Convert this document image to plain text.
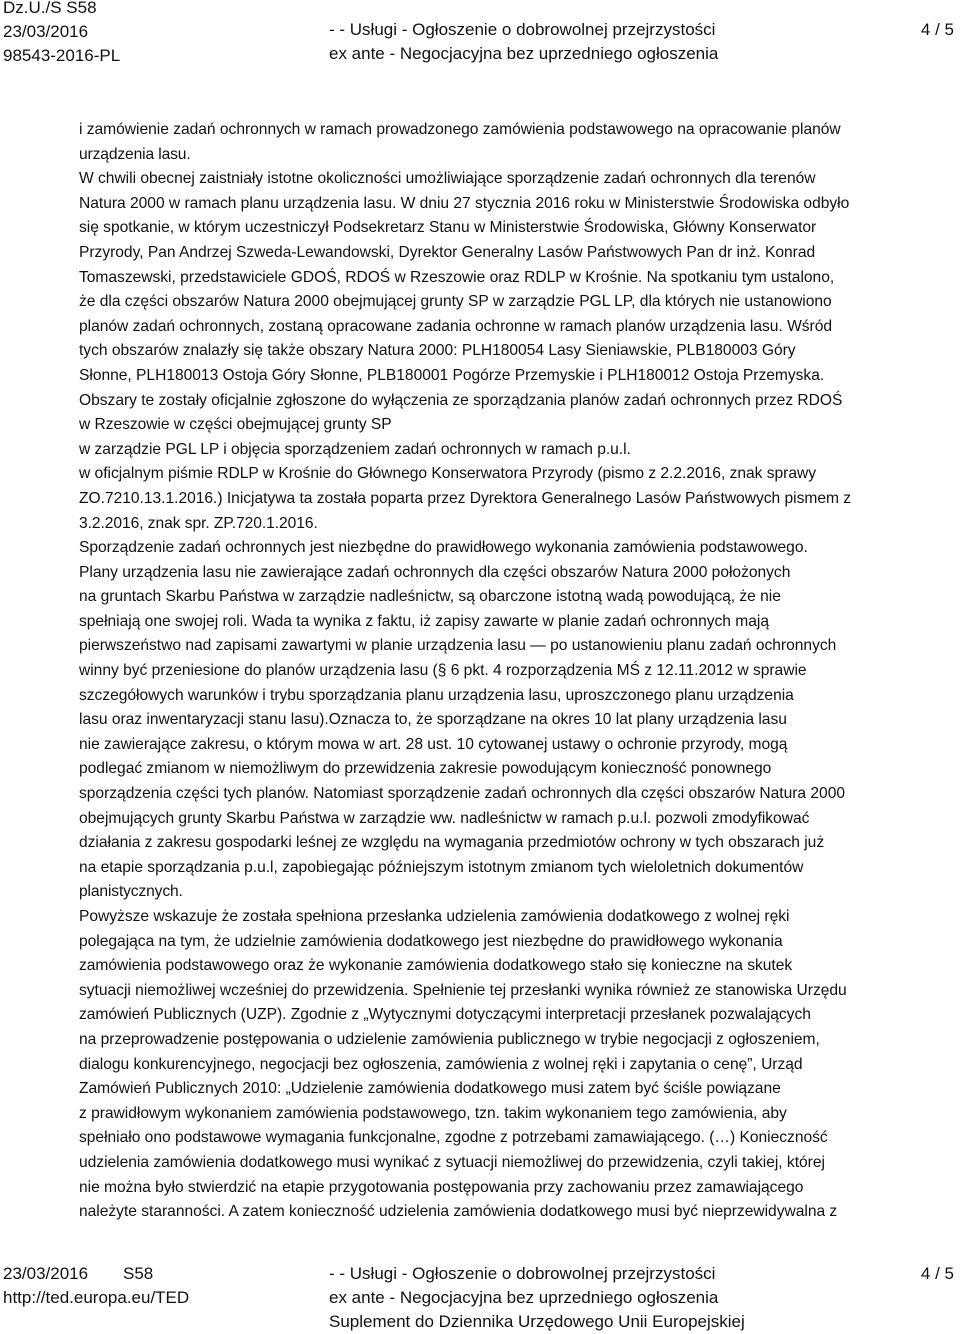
Dz.U./S S58
23/03/2016
98543-2016-PL
- - Usługi - Ogłoszenie o dobrowolnej przejrzystości
ex ante - Negocjacyjna bez uprzedniego ogłoszenia
4 / 5
i zamówienie zadań ochronnych w ramach prowadzonego zamówienia podstawowego na opracowanie planów
urządzenia lasu.
W chwili obecnej zaistniały istotne okoliczności umożliwiające sporządzenie zadań ochronnych dla terenów
Natura 2000 w ramach planu urządzenia lasu. W dniu 27 stycznia 2016 roku w Ministerstwie Środowiska odbyło
się spotkanie, w którym uczestniczył Podsekretarz Stanu w Ministerstwie Środowiska, Główny Konserwator
Przyrody, Pan Andrzej Szweda-Lewandowski, Dyrektor Generalny Lasów Państwowych Pan dr inż. Konrad
Tomaszewski, przedstawiciele GDOŚ, RDOŚ w Rzeszowie oraz RDLP w Krośnie. Na spotkaniu tym ustalono,
że dla części obszarów Natura 2000 obejmującej grunty SP w zarządzie PGL LP, dla których nie ustanowiono
planów zadań ochronnych, zostaną opracowane zadania ochronne w ramach planów urządzenia lasu. Wśród
tych obszarów znalazły się także obszary Natura 2000: PLH180054 Lasy Sieniawskie, PLB180003 Góry
Słonne, PLH180013 Ostoja Góry Słonne, PLB180001 Pogórze Przemyskie i PLH180012 Ostoja Przemyska.
Obszary te zostały oficjalnie zgłoszone do wyłączenia ze sporządzania planów zadań ochronnych przez RDOŚ
w Rzeszowie w części obejmującej grunty SP
w zarządzie PGL LP i objęcia sporządzeniem zadań ochronnych w ramach p.u.l.
w oficjalnym piśmie RDLP w Krośnie do Głównego Konserwatora Przyrody (pismo z 2.2.2016, znak sprawy
ZO.7210.13.1.2016.) Inicjatywa ta została poparta przez Dyrektora Generalnego Lasów Państwowych pismem z
3.2.2016, znak spr. ZP.720.1.2016.
Sporządzenie zadań ochronnych jest niezbędne do prawidłowego wykonania zamówienia podstawowego.
Plany urządzenia lasu nie zawierające zadań ochronnych dla części obszarów Natura 2000 położonych
na gruntach Skarbu Państwa w zarządzie nadleśnictw, są obarczone istotną wadą powodującą, że nie
spełniają one swojej roli. Wada ta wynika z faktu, iż zapisy zawarte w planie zadań ochronnych mają
pierwszeństwo nad zapisami zawartymi w planie urządzenia lasu — po ustanowieniu planu zadań ochronnych
winny być przeniesione do planów urządzenia lasu (§ 6 pkt. 4 rozporządzenia MŚ z 12.11.2012 w sprawie
szczegółowych warunków i trybu sporządzania planu urządzenia lasu, uproszczonego planu urządzenia
lasu oraz inwentaryzacji stanu lasu).Oznacza to, że sporządzane na okres 10 lat plany urządzenia lasu
nie zawierające zakresu, o którym mowa w art. 28 ust. 10 cytowanej ustawy o ochronie przyrody, mogą
podlegać zmianom w niemożliwym do przewidzenia zakresie powodującym konieczność ponownego
sporządzenia części tych planów. Natomiast sporządzenie zadań ochronnych dla części obszarów Natura 2000
obejmujących grunty Skarbu Państwa w zarządzie ww. nadleśnictw w ramach p.u.l. pozwoli zmodyfikować
działania z zakresu gospodarki leśnej ze względu na wymagania przedmiotów ochrony w tych obszarach już
na etapie sporządzania p.u.l, zapobiegając późniejszym istotnym zmianom tych wieloletnich dokumentów
planistycznych.
Powyższe wskazuje że została spełniona przesłanka udzielenia zamówienia dodatkowego z wolnej ręki
polegająca na tym, że udzielnie zamówienia dodatkowego jest niezbędne do prawidłowego wykonania
zamówienia podstawowego oraz że wykonanie zamówienia dodatkowego stało się konieczne na skutek
sytuacji niemożliwej wcześniej do przewidzenia. Spełnienie tej przesłanki wynika również ze stanowiska Urzędu
zamówień Publicznych (UZP). Zgodnie z „Wytycznymi dotyczącymi interpretacji przesłanek pozwalających
na przeprowadzenie postępowania o udzielenie zamówienia publicznego w trybie negocjacji z ogłoszeniem,
dialogu konkurencyjnego, negocjacji bez ogłoszenia, zamówienia z wolnej ręki i zapytania o cenę”, Urząd
Zamówień Publicznych 2010: „Udzielenie zamówienia dodatkowego musi zatem być ściśle powiązane
z prawidłowym wykonaniem zamówienia podstawowego, tzn. takim wykonaniem tego zamówienia, aby
spełniało ono podstawowe wymagania funkcjonalne, zgodne z potrzebami zamawiającego. (…) Konieczność
udzielenia zamówienia dodatkowego musi wynikać z sytuacji niemożliwej do przewidzenia, czyli takiej, której
nie można było stwierdzić na etapie przygotowania postępowania przy zachowaniu przez zamawiającego
należyte staranności. A zatem konieczność udzielenia zamówienia dodatkowego musi być nieprzewidywalna z
23/03/2016 S58
http://ted.europa.eu/TED
- - Usługi - Ogłoszenie o dobrowolnej przejrzystości
ex ante - Negocjacyjna bez uprzedniego ogłoszenia
Suplement do Dziennika Urzędowego Unii Europejskiej
4 / 5
